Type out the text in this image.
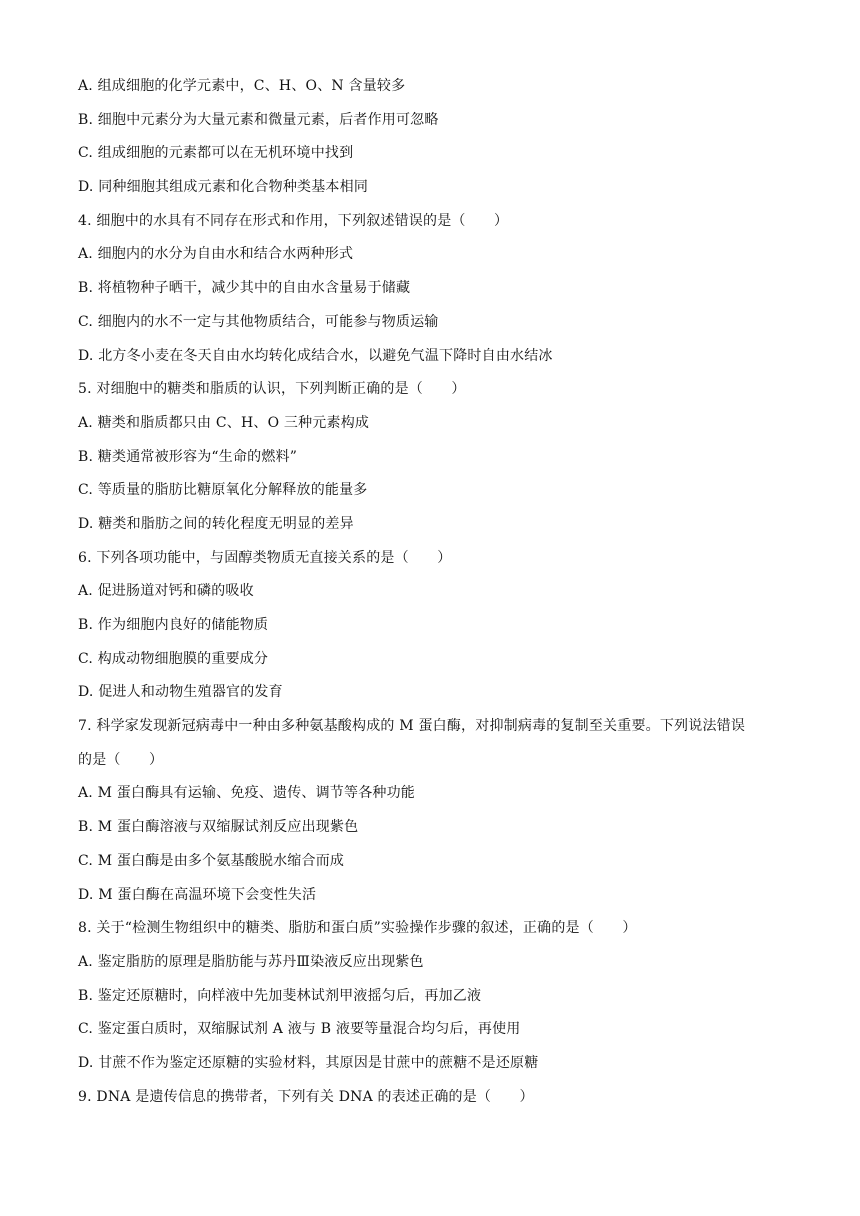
A. 组成细胞的化学元素中，C、H、O、N 含量较多
B. 细胞中元素分为大量元素和微量元素，后者作用可忽略
C. 组成细胞的元素都可以在无机环境中找到
D. 同种细胞其组成元素和化合物种类基本相同
4. 细胞中的水具有不同存在形式和作用，下列叙述错误的是（　　）
A. 细胞内的水分为自由水和结合水两种形式
B. 将植物种子晒干，减少其中的自由水含量易于储藏
C. 细胞内的水不一定与其他物质结合，可能参与物质运输
D. 北方冬小麦在冬天自由水均转化成结合水，以避免气温下降时自由水结冰
5. 对细胞中的糖类和脂质的认识，下列判断正确的是（　　）
A. 糖类和脂质都只由 C、H、O 三种元素构成
B. 糖类通常被形容为“生命的燃料”
C. 等质量的脂肪比糖原氧化分解释放的能量多
D. 糖类和脂肪之间的转化程度无明显的差异
6. 下列各项功能中，与固醇类物质无直接关系的是（　　）
A. 促进肠道对钙和磷的吸收
B. 作为细胞内良好的储能物质
C. 构成动物细胞膜的重要成分
D. 促进人和动物生殖器官的发育
7. 科学家发现新冠病毒中一种由多种氨基酸构成的 M 蛋白酶，对抑制病毒的复制至关重要。下列说法错误
的是（　　）
A. M 蛋白酶具有运输、免疫、遗传、调节等各种功能
B. M 蛋白酶溶液与双缩脲试剂反应出现紫色
C. M 蛋白酶是由多个氨基酸脱水缩合而成
D. M 蛋白酶在高温环境下会变性失活
8. 关于“检测生物组织中的糖类、脂肪和蛋白质”实验操作步骤的叙述，正确的是（　　）
A. 鉴定脂肪的原理是脂肪能与苏丹Ⅲ染液反应出现紫色
B. 鉴定还原糖时，向样液中先加斐林试剂甲液摇匀后，再加乙液
C. 鉴定蛋白质时，双缩脲试剂 A 液与 B 液要等量混合均匀后，再使用
D. 甘蔗不作为鉴定还原糖的实验材料，其原因是甘蔗中的蔗糖不是还原糖
9. DNA 是遗传信息的携带者，下列有关 DNA 的表述正确的是（　　）
